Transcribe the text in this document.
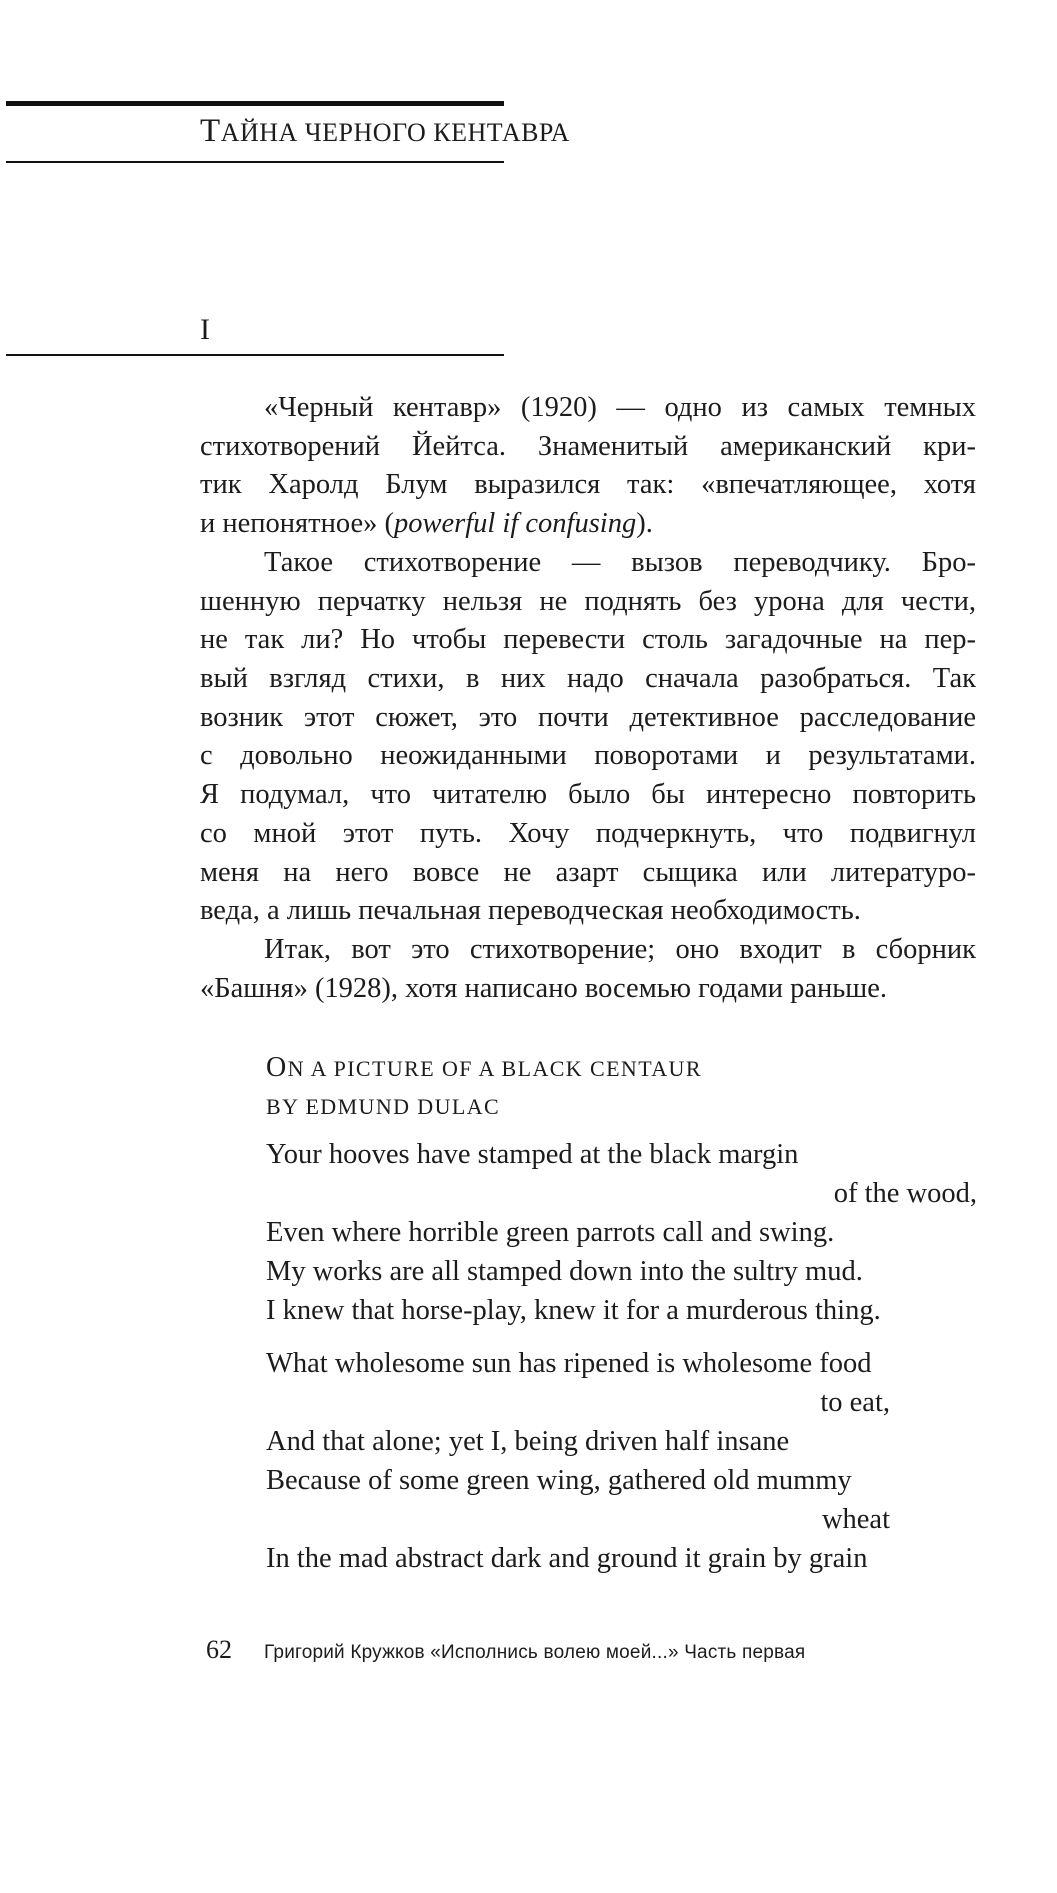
ТАЙНА ЧЕРНОГО КЕНТАВРА
I
«Черный кентавр» (1920) — одно из самых темных
стихотворений Йейтса. Знаменитый американский кри-
тик Харолд Блум выразился так: «впечатляющее, хотя
и непонятное» (powerful if confusing).
Такое стихотворение — вызов переводчику. Бро-
шенную перчатку нельзя не поднять без урона для чести,
не так ли? Но чтобы перевести столь загадочные на пер-
вый взгляд стихи, в них надо сначала разобраться. Так
возник этот сюжет, это почти детективное расследование
с довольно неожиданными поворотами и результатами.
Я подумал, что читателю было бы интересно повторить
со мной этот путь. Хочу подчеркнуть, что подвигнул
меня на него вовсе не азарт сыщика или литературо-
веда, а лишь печальная переводческая необходимость.
Итак, вот это стихотворение; оно входит в сборник
«Башня» (1928), хотя написано восемью годами раньше.
ON A PICTURE OF A BLACK CENTAUR
BY EDMUND DULAC
Your hooves have stamped at the black margin
of the wood,
Even where horrible green parrots call and swing.
My works are all stamped down into the sultry mud.
I knew that horse-play, knew it for a murderous thing.
What wholesome sun has ripened is wholesome food
to eat,
And that alone; yet I, being driven half insane
Because of some green wing, gathered old mummy
wheat
In the mad abstract dark and ground it grain by grain
62 Григорий Кружков «Исполнись волею моей...» Часть первая
